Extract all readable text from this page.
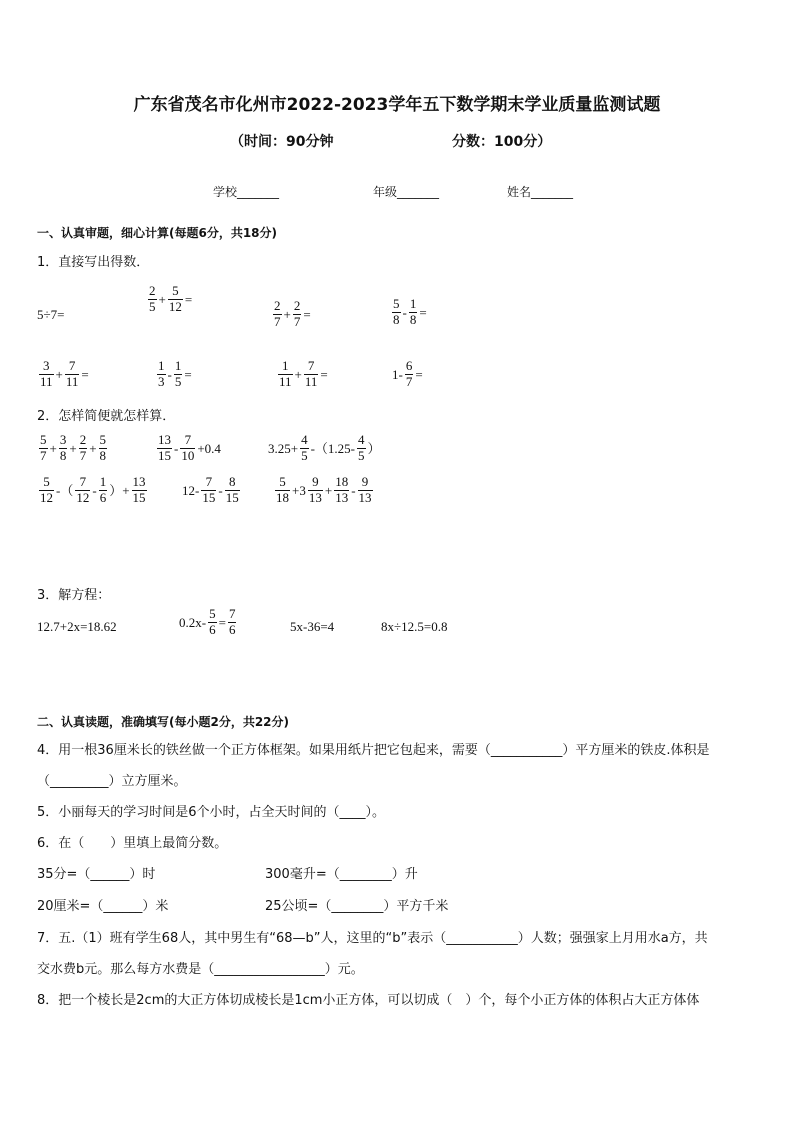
广东省茂名市化州市2022-2023学年五下数学期末学业质量监测试题
（时间：90分钟	分数：100分）
学校_______	年级_______	姓名_______
一、认真审题，细心计算(每题6分，共18分)
1．直接写出得数．
5÷7=	$\frac{2}{5} + \frac{5}{12}$ =	$\frac{2}{7} + \frac{2}{7}$ =	$\frac{5}{8} - \frac{1}{8}$ =
$\frac{3}{11} + \frac{7}{11}$ =	$\frac{1}{3} - \frac{1}{5}$ =	$\frac{1}{11} + \frac{7}{11}$ =	$1- \frac{6}{7}$ =
2．怎样简便就怎样算．
$\frac{5}{7} + \frac{3}{8} + \frac{2}{7} + \frac{5}{8}$	$\frac{13}{15} - \frac{7}{10} +0.4$	$3.25+ \frac{4}{5} -(1.25- \frac{4}{5}$ ）
$\frac{5}{12}$ -（ $\frac{7}{12} - \frac{1}{6}$ ）+ $\frac{13}{15}$	$12- \frac{7}{15} - \frac{8}{15}$	$\frac{5}{18} +3 \frac{9}{13} + \frac{18}{13} - \frac{9}{13}$
3．解方程：
12.7+2x=18.62	$0.2x- \frac{5}{6} = \frac{7}{6}$	5x-36=4	8x÷12.5=0.8
二、认真读题，准确填写(每小题2分，共22分)
4．用一根36厘米长的铁丝做一个正方体框架。如果用纸片把它包起来，需要（___________）平方厘米的铁皮.体积是
（_________）立方厘米。
5．小丽每天的学习时间是6个小时，占全天时间的（____）。
6．在（　　）里填上最简分数。
35分=（______）时	300毫升=（________）升
20厘米=（______）米	25公顷=（________）平方千米
7．五.（1）班有学生68人，其中男生有“68—b”人，这里的“b”表示（___________）人数；强强家上月用水a方，共
交水费b元。那么每方水费是（_________________）元。
8．把一个棱长是2cm的大正方体切成棱长是1cm小正方体，可以切成（　）个，每个小正方体的体积占大正方体体
